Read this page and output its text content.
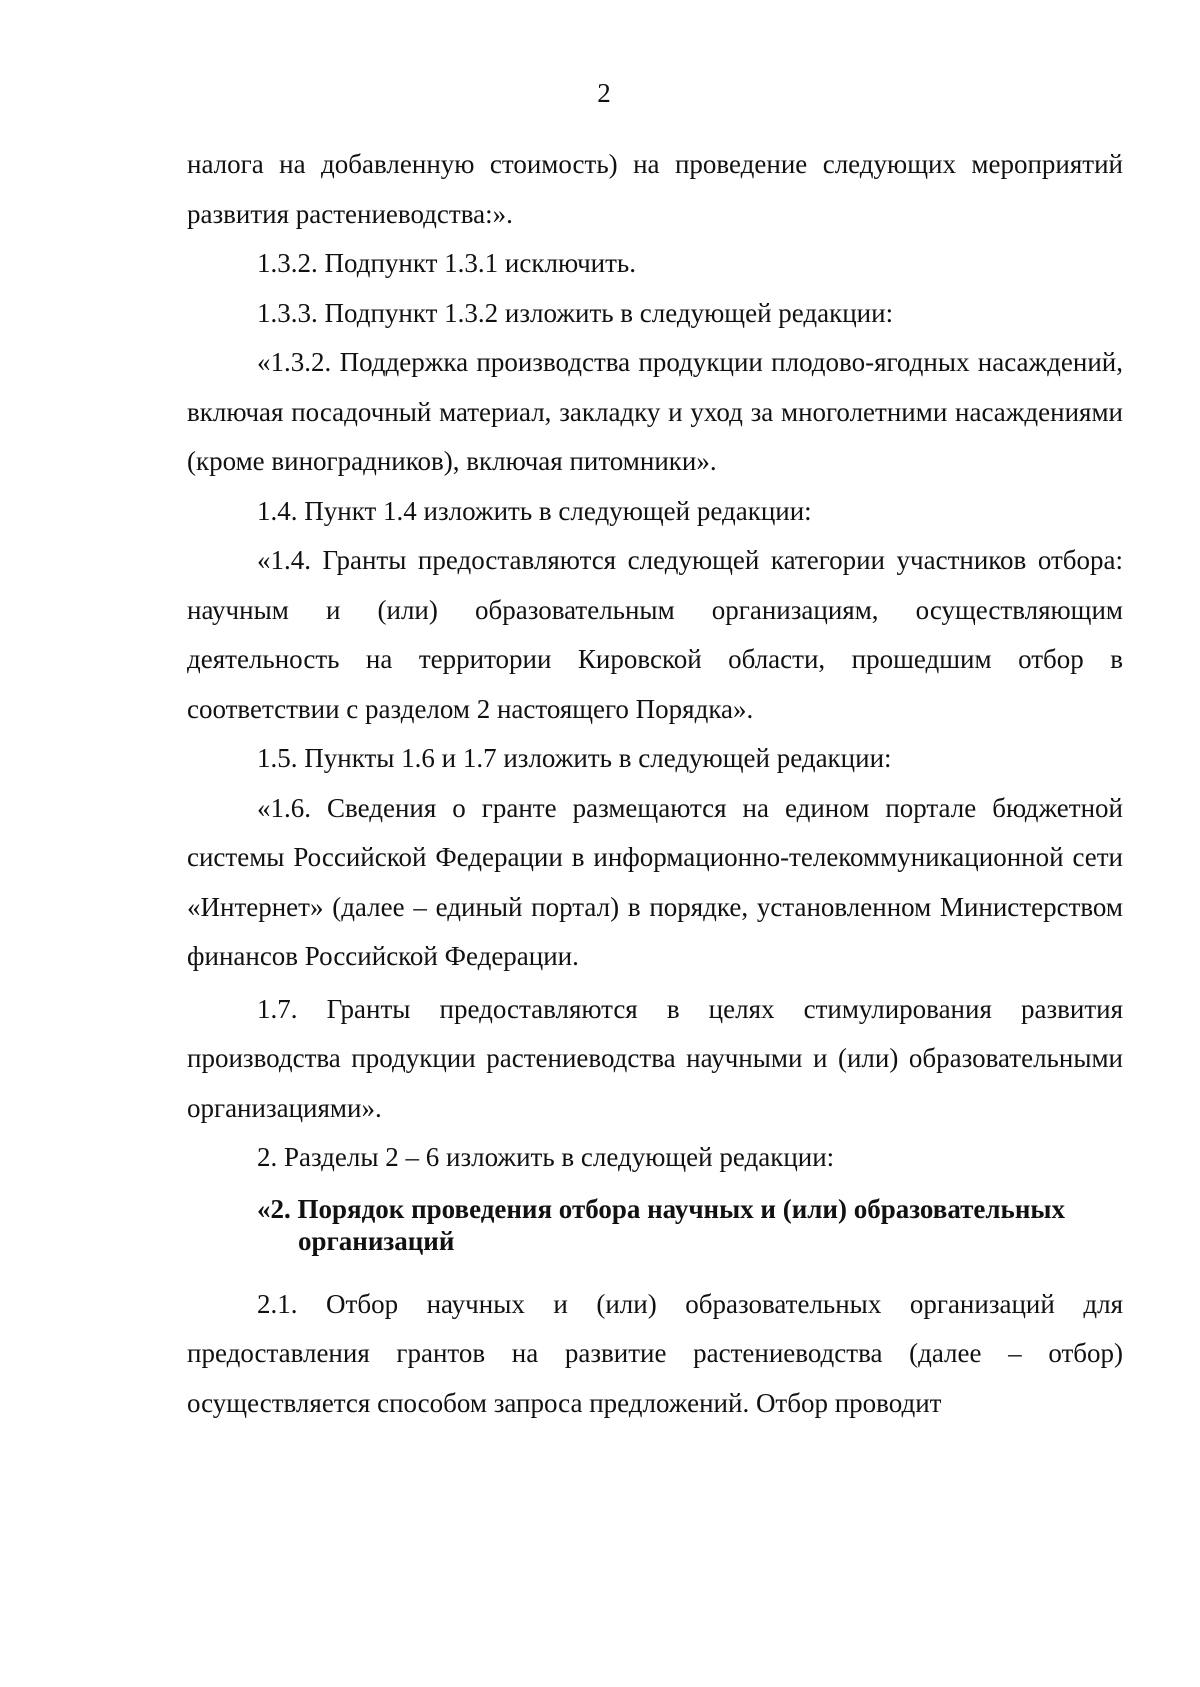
2

налога на добавленную стоимость) на проведение следующих мероприятий развития растениеводства:».

1.3.2. Подпункт 1.3.1 исключить.

1.3.3. Подпункт 1.3.2 изложить в следующей редакции:

«1.3.2. Поддержка производства продукции плодово-ягодных насаждений, включая посадочный материал, закладку и уход за многолетними насаждениями (кроме виноградников), включая питомники».

1.4. Пункт 1.4 изложить в следующей редакции:

«1.4. Гранты предоставляются следующей категории участников отбора: научным и (или) образовательным организациям, осуществляющим деятельность на территории Кировской области, прошедшим отбор в соответствии с разделом 2 настоящего Порядка».

1.5. Пункты 1.6 и 1.7 изложить в следующей редакции:

«1.6. Сведения о гранте размещаются на едином портале бюджетной системы Российской Федерации в информационно-телекоммуникационной сети «Интернет» (далее – единый портал) в порядке, установленном Министерством финансов Российской Федерации.

1.7. Гранты предоставляются в целях стимулирования развития производства продукции растениеводства научными и (или) образовательными организациями».

2. Разделы 2 – 6 изложить в следующей редакции:

«2. Порядок проведения отбора научных и (или) образовательных
организаций

2.1. Отбор научных и (или) образовательных организаций для предоставления грантов на развитие растениеводства (далее – отбор) осуществляется способом запроса предложений. Отбор проводит
